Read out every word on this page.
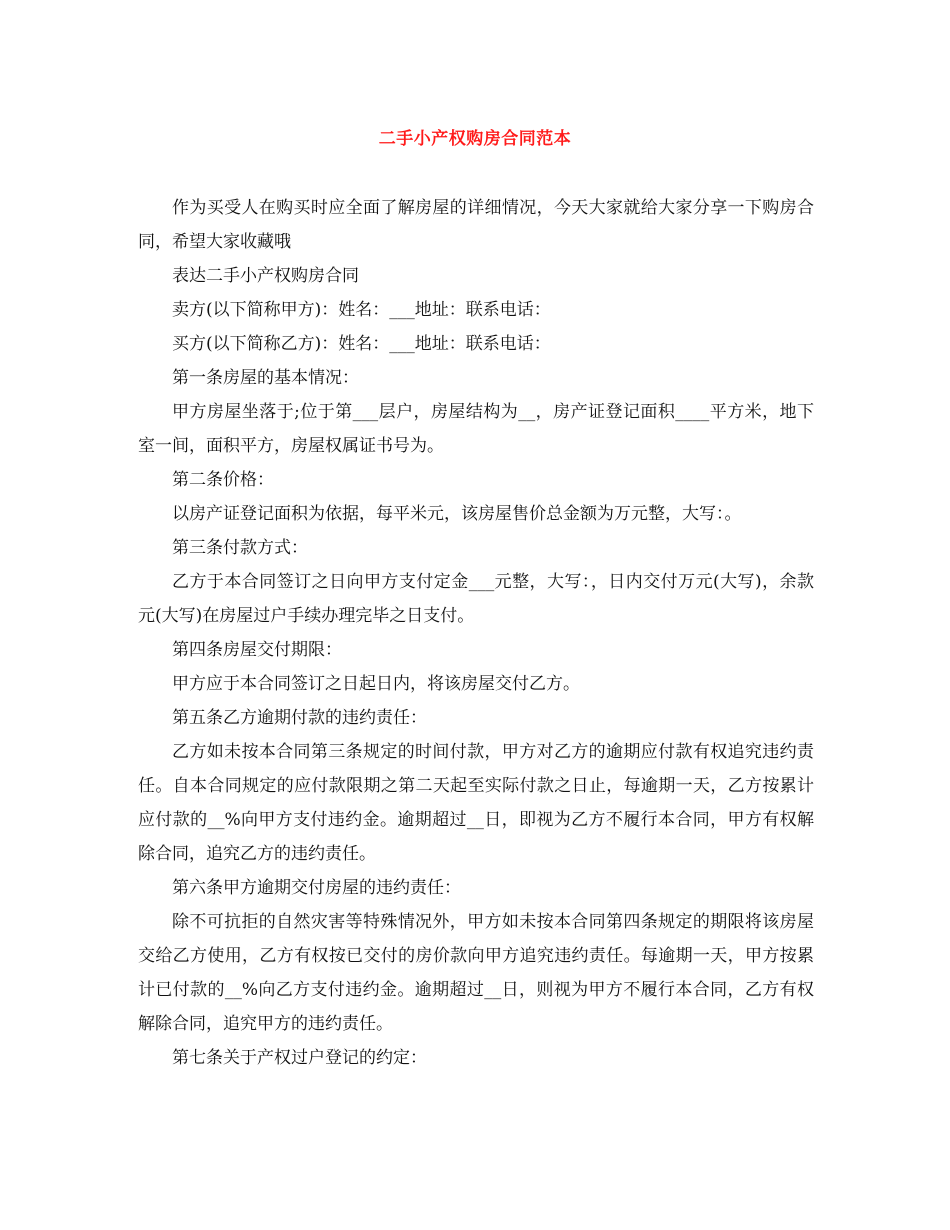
二手小产权购房合同范本

作为买受人在购买时应全面了解房屋的详细情况，今天大家就给大家分享一下购房合同，希望大家收藏哦

表达二手小产权购房合同

卖方(以下简称甲方)：姓名：___地址：联系电话：

买方(以下简称乙方)：姓名：___地址：联系电话：

第一条房屋的基本情况：

甲方房屋坐落于;位于第___层户，房屋结构为__，房产证登记面积____平方米，地下室一间，面积平方，房屋权属证书号为。

第二条价格：

以房产证登记面积为依据，每平米元，该房屋售价总金额为万元整，大写：。

第三条付款方式：

乙方于本合同签订之日向甲方支付定金___元整，大写：，日内交付万元(大写)，余款元(大写)在房屋过户手续办理完毕之日支付。

第四条房屋交付期限：

甲方应于本合同签订之日起日内，将该房屋交付乙方。

第五条乙方逾期付款的违约责任：

乙方如未按本合同第三条规定的时间付款，甲方对乙方的逾期应付款有权追究违约责任。自本合同规定的应付款限期之第二天起至实际付款之日止，每逾期一天，乙方按累计应付款的__%向甲方支付违约金。逾期超过__日，即视为乙方不履行本合同，甲方有权解除合同，追究乙方的违约责任。

第六条甲方逾期交付房屋的违约责任：

除不可抗拒的自然灾害等特殊情况外，甲方如未按本合同第四条规定的期限将该房屋交给乙方使用，乙方有权按已交付的房价款向甲方追究违约责任。每逾期一天，甲方按累计已付款的__%向乙方支付违约金。逾期超过__日，则视为甲方不履行本合同，乙方有权解除合同，追究甲方的违约责任。

第七条关于产权过户登记的约定：
